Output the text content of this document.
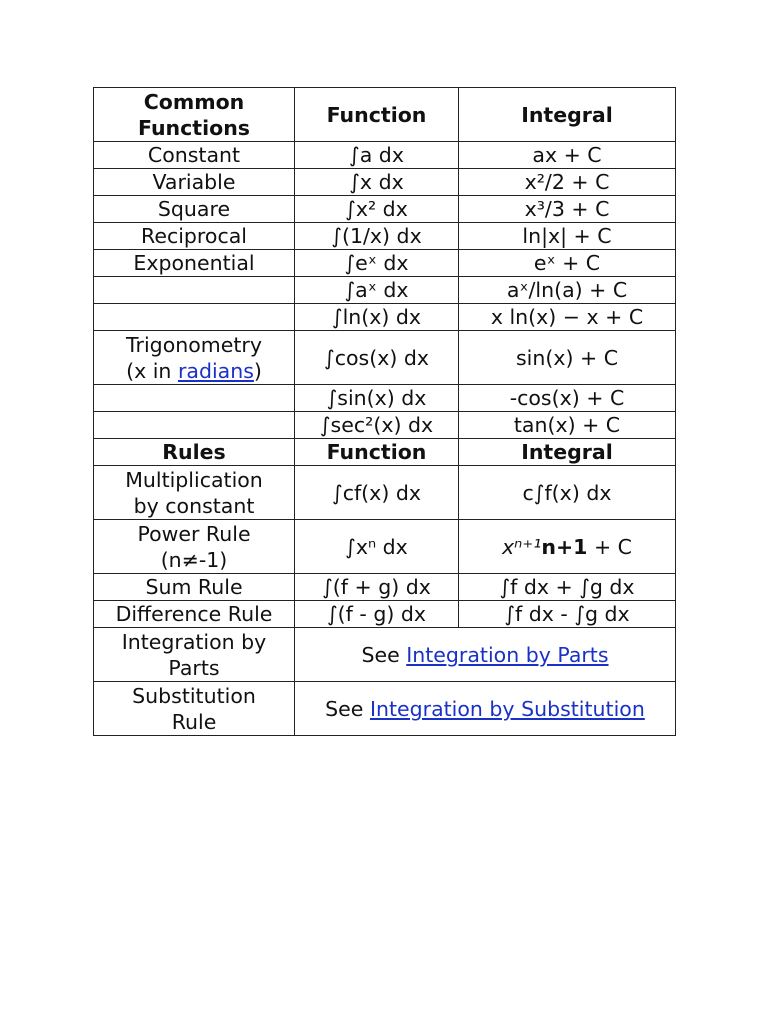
Common
Functions	Function	Integral
Constant	∫a dx	ax + C
Variable	∫x dx	x²/2 + C
Square	∫x² dx	x³/3 + C
Reciprocal	∫(1/x) dx	ln|x| + C
Exponential	∫eˣ dx	eˣ + C
	∫aˣ dx	aˣ/ln(a) + C
	∫ln(x) dx	x ln(x) − x + C

Trigonometry
(x in radians)	∫cos(x) dx	sin(x) + C
	∫sin(x) dx	-cos(x) + C
	∫sec²(x) dx	tan(x) + C
Rules	Function	Integral

Multiplication
by constant	∫cf(x) dx	c∫f(x) dx

Power Rule
(n≠-1)	∫xⁿ dx	xⁿ⁺¹n+1 + C
Sum Rule	∫(f + g) dx	∫f dx + ∫g dx
Difference Rule	∫(f - g) dx	∫f dx - ∫g dx

Integration by
Parts	See Integration by Parts	

Substitution
Rule	See Integration by Substitution	
